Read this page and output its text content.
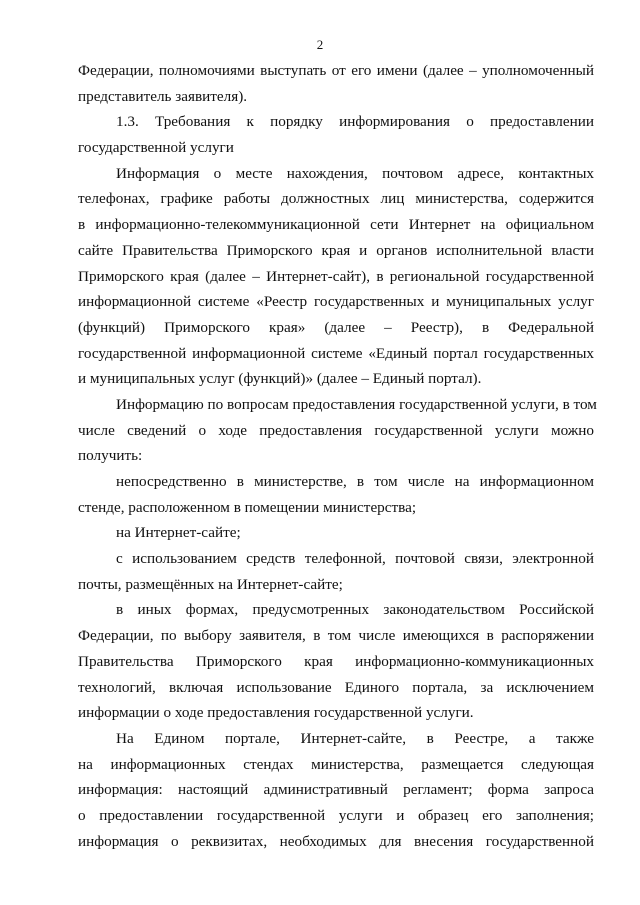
2
Федерации, полномочиями выступать от его имени (далее – уполномоченный
представитель заявителя).
1.3. Требования к порядку информирования о предоставлении
государственной услуги
Информация о месте нахождения, почтовом адресе, контактных
телефонах, графике работы должностных лиц министерства, содержится
в информационно-телекоммуникационной сети Интернет на официальном
сайте Правительства Приморского края и органов исполнительной власти
Приморского края (далее – Интернет-сайт), в региональной государственной
информационной системе «Реестр государственных и муниципальных услуг
(функций) Приморского края» (далее – Реестр), в Федеральной
государственной информационной системе «Единый портал государственных
и муниципальных услуг (функций)» (далее – Единый портал).
Информацию по вопросам предоставления государственной услуги, в том
числе сведений о ходе предоставления государственной услуги можно
получить:
непосредственно в министерстве, в том числе на информационном
стенде, расположенном в помещении министерства;
на Интернет-сайте;
с использованием средств телефонной, почтовой связи, электронной
почты, размещённых на Интернет-сайте;
в иных формах, предусмотренных законодательством Российской
Федерации, по выбору заявителя, в том числе имеющихся в распоряжении
Правительства Приморского края информационно-коммуникационных
технологий, включая использование Единого портала, за исключением
информации о ходе предоставления государственной услуги.
На Едином портале, Интернет-сайте, в Реестре, а также
на информационных стендах министерства, размещается следующая
информация: настоящий административный регламент; форма запроса
о предоставлении государственной услуги и образец его заполнения;
информация о реквизитах, необходимых для внесения государственной
